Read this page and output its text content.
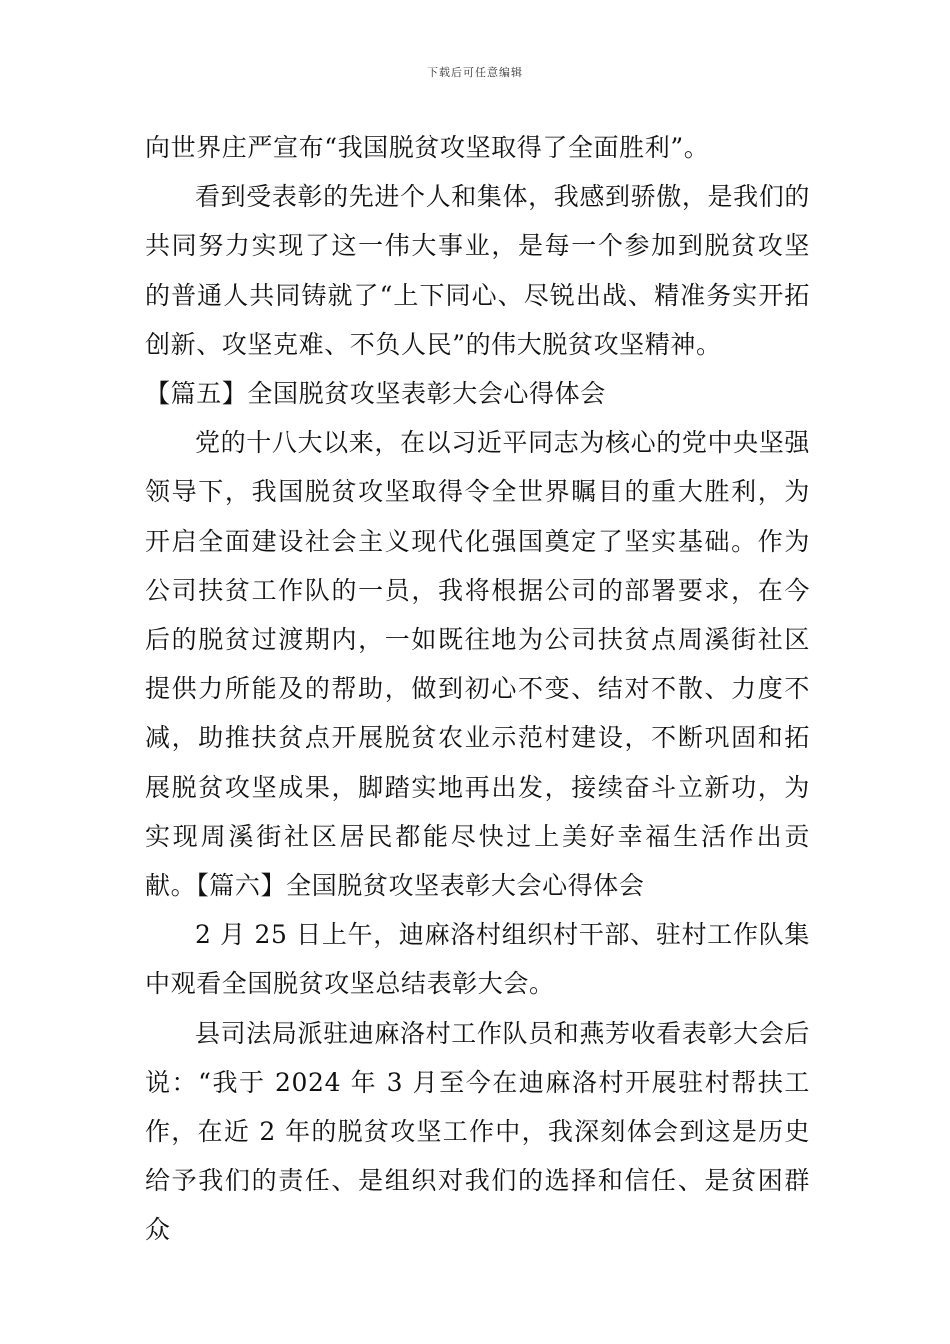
下载后可任意编辑

向世界庄严宣布“我国脱贫攻坚取得了全面胜利”。

看到受表彰的先进个人和集体，我感到骄傲，是我们的共同努力实现了这一伟大事业，是每一个参加到脱贫攻坚的普通人共同铸就了“上下同心、尽锐出战、精准务实开拓创新、攻坚克难、不负人民”的伟大脱贫攻坚精神。

【篇五】全国脱贫攻坚表彰大会心得体会

党的十八大以来，在以习近平同志为核心的党中央坚强领导下，我国脱贫攻坚取得令全世界瞩目的重大胜利，为开启全面建设社会主义现代化强国奠定了坚实基础。作为公司扶贫工作队的一员，我将根据公司的部署要求，在今后的脱贫过渡期内，一如既往地为公司扶贫点周溪街社区提供力所能及的帮助，做到初心不变、结对不散、力度不减，助推扶贫点开展脱贫农业示范村建设，不断巩固和拓展脱贫攻坚成果，脚踏实地再出发，接续奋斗立新功，为实现周溪街社区居民都能尽快过上美好幸福生活作出贡献。【篇六】全国脱贫攻坚表彰大会心得体会

2 月 25 日上午，迪麻洛村组织村干部、驻村工作队集中观看全国脱贫攻坚总结表彰大会。

县司法局派驻迪麻洛村工作队员和燕芳收看表彰大会后说：“我于 2024 年 3 月至今在迪麻洛村开展驻村帮扶工作，在近 2 年的脱贫攻坚工作中，我深刻体会到这是历史给予我们的责任、是组织对我们的选择和信任、是贫困群众
